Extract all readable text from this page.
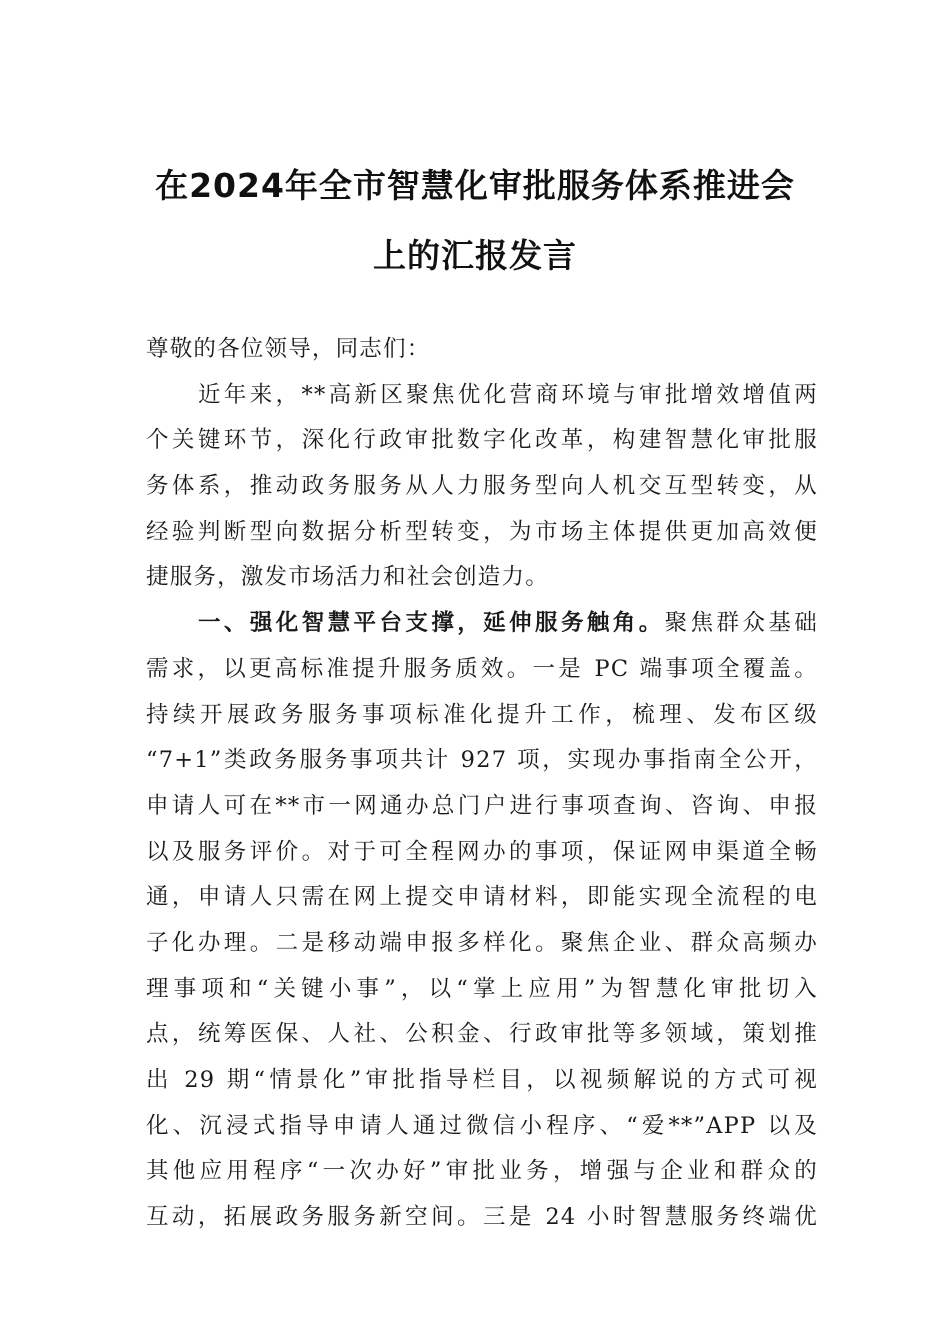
在2024年全市智慧化审批服务体系推进会
上的汇报发言
尊敬的各位领导，同志们：
近年来，**高新区聚焦优化营商环境与审批增效增值两
个关键环节，深化行政审批数字化改革，构建智慧化审批服
务体系，推动政务服务从人力服务型向人机交互型转变，从
经验判断型向数据分析型转变，为市场主体提供更加高效便
捷服务，激发市场活力和社会创造力。
一、强化智慧平台支撑，延伸服务触角。聚焦群众基础
需求，以更高标准提升服务质效。一是 PC 端事项全覆盖。
持续开展政务服务事项标准化提升工作，梳理、发布区级
“7+1”类政务服务事项共计 927 项，实现办事指南全公开，
申请人可在**市一网通办总门户进行事项查询、咨询、申报
以及服务评价。对于可全程网办的事项，保证网申渠道全畅
通，申请人只需在网上提交申请材料，即能实现全流程的电
子化办理。二是移动端申报多样化。聚焦企业、群众高频办
理事项和“关键小事”，以“掌上应用”为智慧化审批切入
点，统筹医保、人社、公积金、行政审批等多领域，策划推
出 29 期“情景化”审批指导栏目，以视频解说的方式可视
化、沉浸式指导申请人通过微信小程序、“爱**”APP 以及
其他应用程序“一次办好”审批业务，增强与企业和群众的
互动，拓展政务服务新空间。三是 24 小时智慧服务终端优
